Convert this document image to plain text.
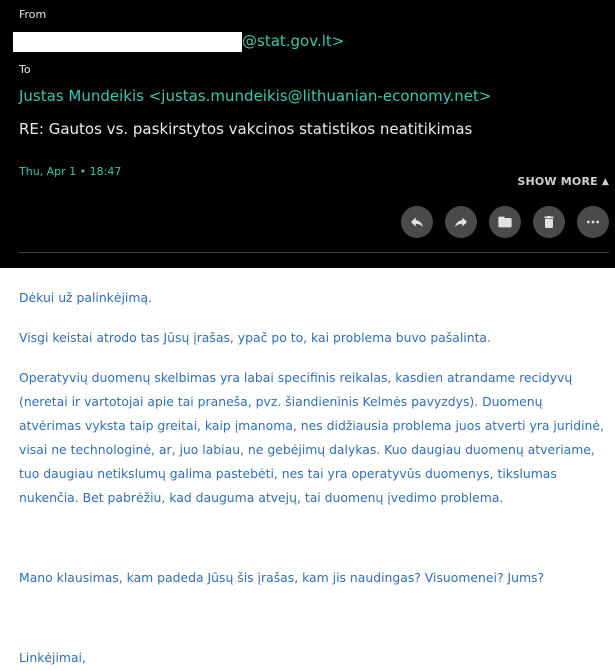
From
@stat.gov.lt>
To
Justas Mundeikis <justas.mundeikis@lithuanian-economy.net>
RE: Gautos vs. paskirstytos vakcinos statistikos neatitikimas
Thu, Apr 1 • 18:47
SHOW MORE ▲

Dėkui už palinkėjimą.

Visgi keistai atrodo tas Jūsų įrašas, ypač po to, kai problema buvo pašalinta.

Operatyvių duomenų skelbimas yra labai specifinis reikalas, kasdien atrandame recidyvų (neretai ir vartotojai apie tai praneša, pvz. šiandieninis Kelmės pavyzdys). Duomenų atvėrimas vyksta taip greitai, kaip įmanoma, nes didžiausia problema juos atverti yra juridinė, visai ne technologinė, ar, juo labiau, ne gebėjimų dalykas. Kuo daugiau duomenų atveriame, tuo daugiau netikslumų galima pastebėti, nes tai yra operatyvūs duomenys, tikslumas nukenčia. Bet pabrėžiu, kad dauguma atvejų, tai duomenų įvedimo problema.

Mano klausimas, kam padeda Jūsų šis įrašas, kam jis naudingas? Visuomenei? Jums?

Linkėjimai,
